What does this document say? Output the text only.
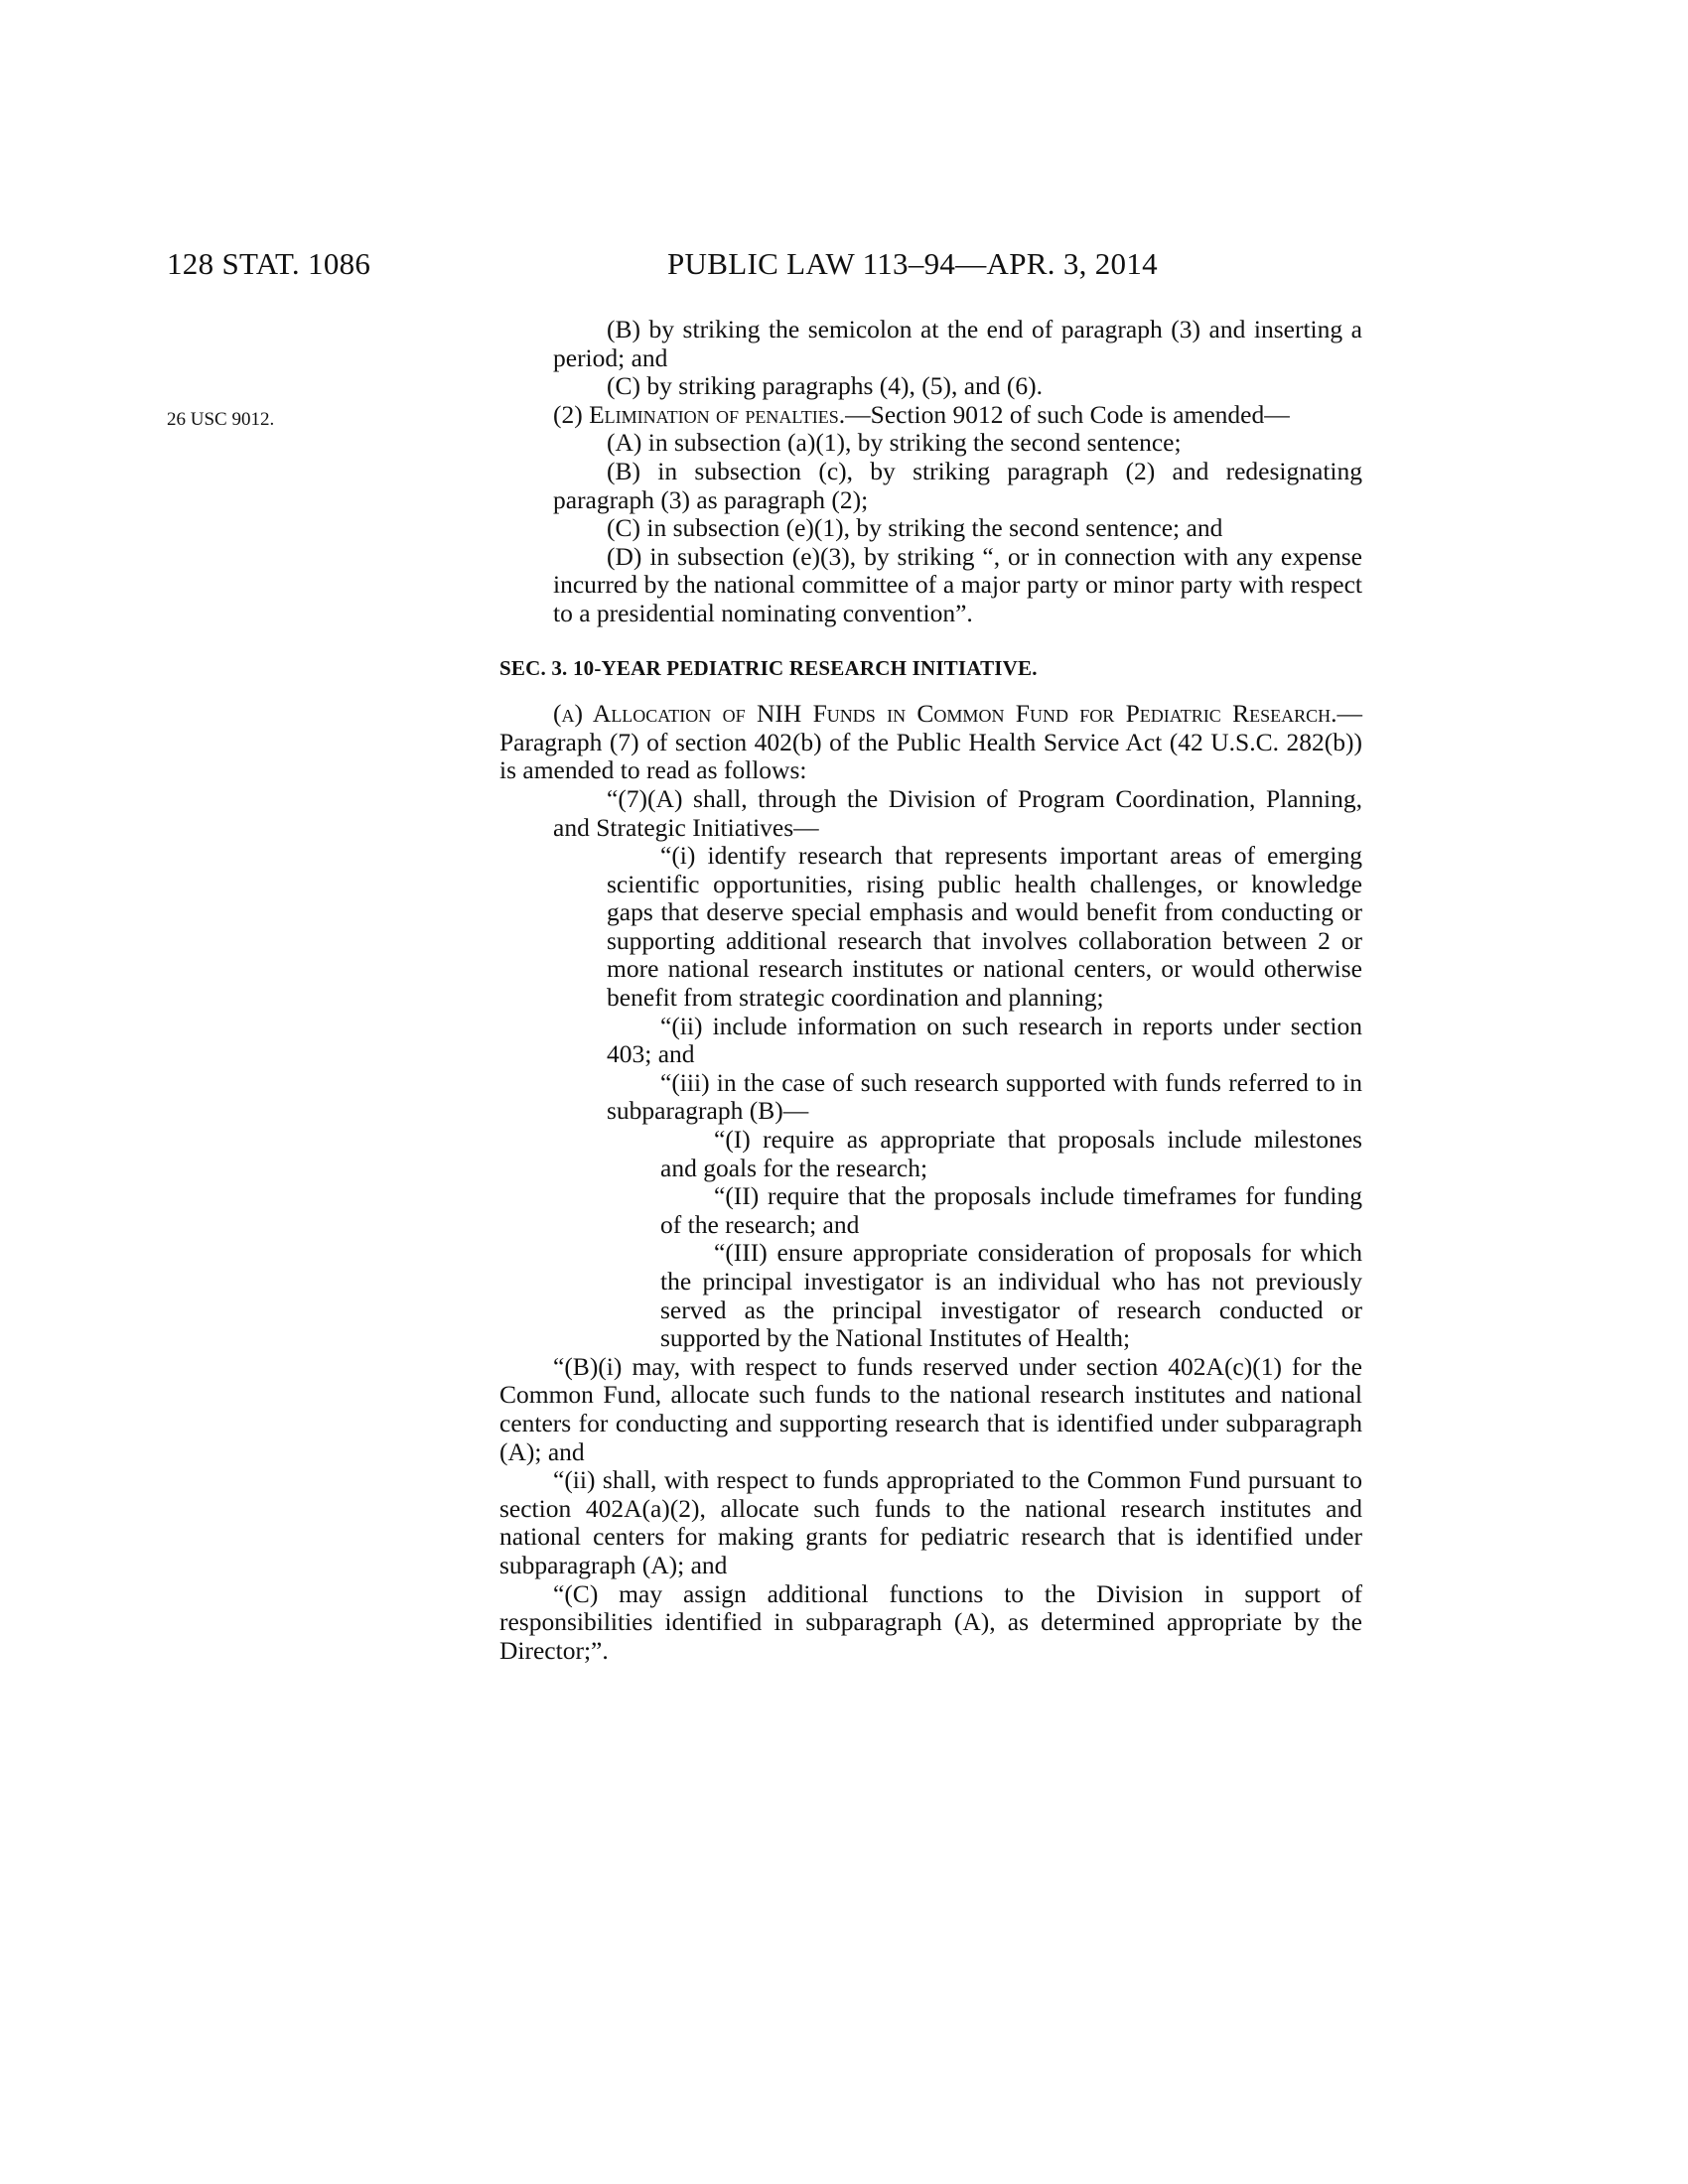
128 STAT. 1086	PUBLIC LAW 113–94—APR. 3, 2014
26 USC 9012.
(B) by striking the semicolon at the end of paragraph (3) and inserting a period; and
(C) by striking paragraphs (4), (5), and (6).
(2) Elimination of penalties.—Section 9012 of such Code is amended—
(A) in subsection (a)(1), by striking the second sentence;
(B) in subsection (c), by striking paragraph (2) and redesignating paragraph (3) as paragraph (2);
(C) in subsection (e)(1), by striking the second sentence; and
(D) in subsection (e)(3), by striking “, or in connection with any expense incurred by the national committee of a major party or minor party with respect to a presidential nominating convention”.
SEC. 3. 10-YEAR PEDIATRIC RESEARCH INITIATIVE.
(a) Allocation of NIH Funds in Common Fund for Pediatric Research.—Paragraph (7) of section 402(b) of the Public Health Service Act (42 U.S.C. 282(b)) is amended to read as follows:
“(7)(A) shall, through the Division of Program Coordination, Planning, and Strategic Initiatives—
“(i) identify research that represents important areas of emerging scientific opportunities, rising public health challenges, or knowledge gaps that deserve special emphasis and would benefit from conducting or supporting additional research that involves collaboration between 2 or more national research institutes or national centers, or would otherwise benefit from strategic coordination and planning;
“(ii) include information on such research in reports under section 403; and
“(iii) in the case of such research supported with funds referred to in subparagraph (B)—
“(I) require as appropriate that proposals include milestones and goals for the research;
“(II) require that the proposals include timeframes for funding of the research; and
“(III) ensure appropriate consideration of proposals for which the principal investigator is an individual who has not previously served as the principal investigator of research conducted or supported by the National Institutes of Health;
“(B)(i) may, with respect to funds reserved under section 402A(c)(1) for the Common Fund, allocate such funds to the national research institutes and national centers for conducting and supporting research that is identified under subparagraph (A); and
“(ii) shall, with respect to funds appropriated to the Common Fund pursuant to section 402A(a)(2), allocate such funds to the national research institutes and national centers for making grants for pediatric research that is identified under subparagraph (A); and
“(C) may assign additional functions to the Division in support of responsibilities identified in subparagraph (A), as determined appropriate by the Director;”.
